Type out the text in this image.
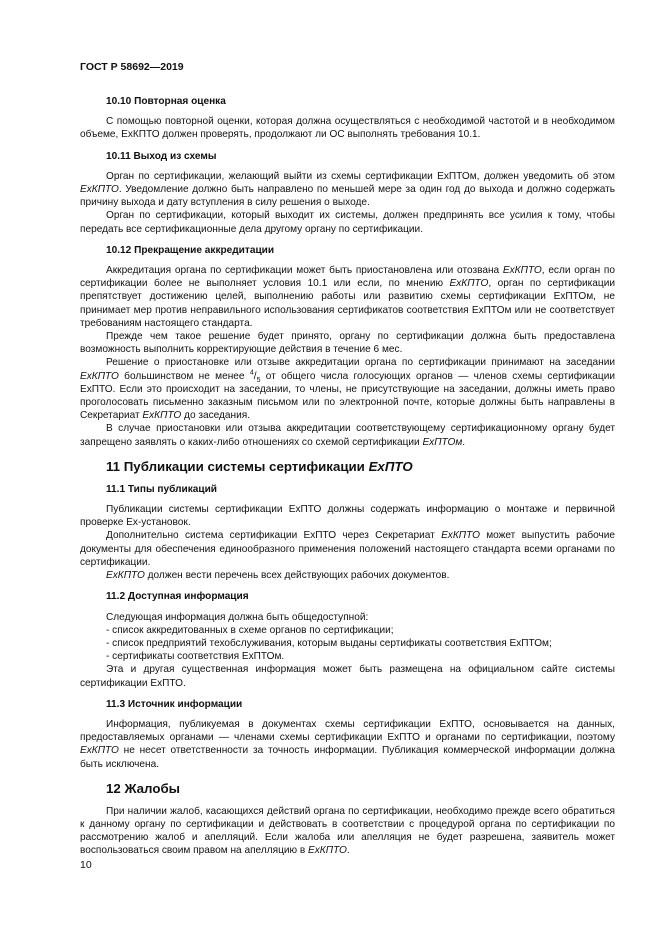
ГОСТ Р 58692—2019
10.10 Повторная оценка

С помощью повторной оценки, которая должна осуществляться с необходимой частотой и в необходимом объеме, ExКПТО должен проверять, продолжают ли ОС выполнять требования 10.1.

10.11 Выход из схемы

Орган по сертификации, желающий выйти из схемы сертификации ExПТОм, должен уведомить об этом ExКПТО. Уведомление должно быть направлено по меньшей мере за один год до выхода и должно содержать причину выхода и дату вступления в силу решения о выходе.

Орган по сертификации, который выходит их системы, должен предпринять все усилия к тому, чтобы передать все сертификационные дела другому органу по сертификации.

10.12 Прекращение аккредитации

Аккредитация органа по сертификации может быть приостановлена или отозвана ExКПТО, если орган по сертификации более не выполняет условия 10.1 или если, по мнению ExКПТО, орган по сертификации препятствует достижению целей, выполнению работы или развитию схемы сертификации ExПТОм, не принимает мер против неправильного использования сертификатов соответствия ExПТОм или не соответствует требованиям настоящего стандарта.

Прежде чем такое решение будет принято, органу по сертификации должна быть предоставлена возможность выполнить корректирующие действия в течение 6 мес.

Решение о приостановке или отзыве аккредитации органа по сертификации принимают на заседании ExКПТО большинством не менее $^4/_5$ от общего числа голосующих органов — членов схемы сертификации ExПТО. Если это происходит на заседании, то члены, не присутствующие на заседании, должны иметь право проголосовать письменно заказным письмом или по электронной почте, которые должны быть направлены в Секретариат ExКПТО до заседания.

В случае приостановки или отзыва аккредитации соответствующему сертификационному органу будет запрещено заявлять о каких-либо отношениях со схемой сертификации ExПТОм.

11 Публикации системы сертификации ExПТО
11.1 Типы публикаций

Публикации системы сертификации ExПТО должны содержать информацию о монтаже и первичной проверке Ex-установок.

Дополнительно система сертификации ExПТО через Секретариат ExКПТО может выпустить рабочие документы для обеспечения единообразного применения положений настоящего стандарта всеми органами по сертификации.

ExКПТО должен вести перечень всех действующих рабочих документов.

11.2 Доступная информация

Следующая информация должна быть общедоступной:

- список аккредитованных в схеме органов по сертификации;
- список предприятий техобслуживания, которым выданы сертификаты соответствия ExПТОм;
- сертификаты соответствия ExПТОм.

Эта и другая существенная информация может быть размещена на официальном сайте системы сертификации ExПТО.

11.3 Источник информации

Информация, публикуемая в документах схемы сертификации ExПТО, основывается на данных, предоставляемых органами — членами схемы сертификации ExПТО и органами по сертификации, поэтому ExКПТО не несет ответственности за точность информации. Публикация коммерческой информации должна быть исключена.

12 Жалобы

При наличии жалоб, касающихся действий органа по сертификации, необходимо прежде всего обратиться к данному органу по сертификации и действовать в соответствии с процедурой органа по сертификации по рассмотрению жалоб и апелляций. Если жалоба или апелляция не будет разрешена, заявитель может воспользоваться своим правом на апелляцию в ExКПТО.

10
